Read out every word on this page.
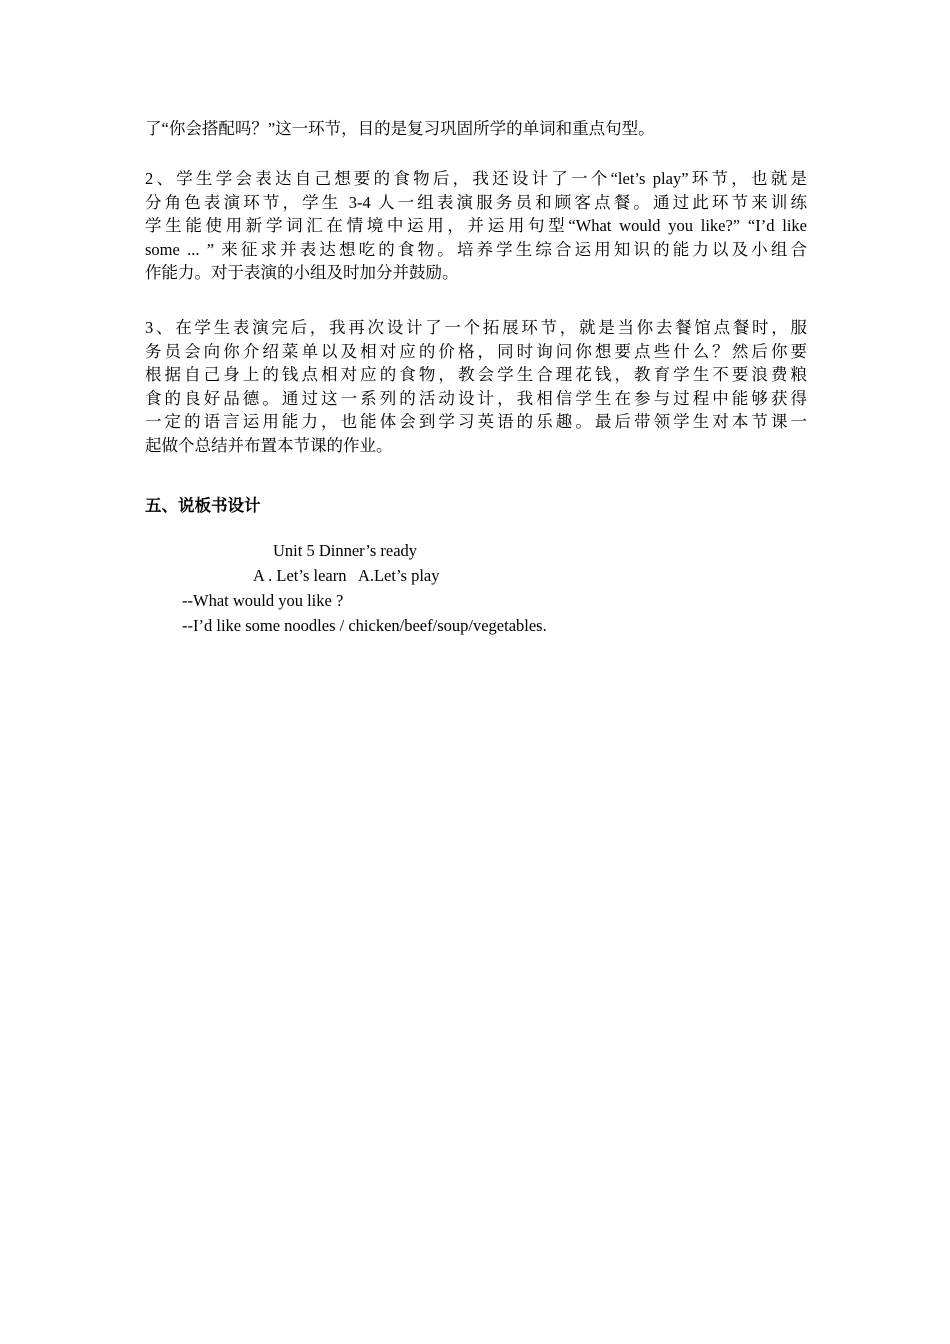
了“你会搭配吗？”这一环节，目的是复习巩固所学的单词和重点句型。
2、学生学会表达自己想要的食物后，我还设计了一个“let’s play”环节，也就是
分角色表演环节，学生 3-4 人一组表演服务员和顾客点餐。通过此环节来训练
学生能使用新学词汇在情境中运用，并运用句型“What would you like?” “I’d like
some ... ” 来征求并表达想吃的食物。培养学生综合运用知识的能力以及小组合
作能力。对于表演的小组及时加分并鼓励。
3、在学生表演完后，我再次设计了一个拓展环节，就是当你去餐馆点餐时，服
务员会向你介绍菜单以及相对应的价格，同时询问你想要点些什么？然后你要
根据自己身上的钱点相对应的食物，教会学生合理花钱，教育学生不要浪费粮
食的良好品德。通过这一系列的活动设计，我相信学生在参与过程中能够获得
一定的语言运用能力，也能体会到学习英语的乐趣。最后带领学生对本节课一
起做个总结并布置本节课的作业。
五、说板书设计
Unit 5 Dinner’s ready
A . Let’s learn   A.Let’s play
--What would you like ?
--I’d like some noodles / chicken/beef/soup/vegetables.
